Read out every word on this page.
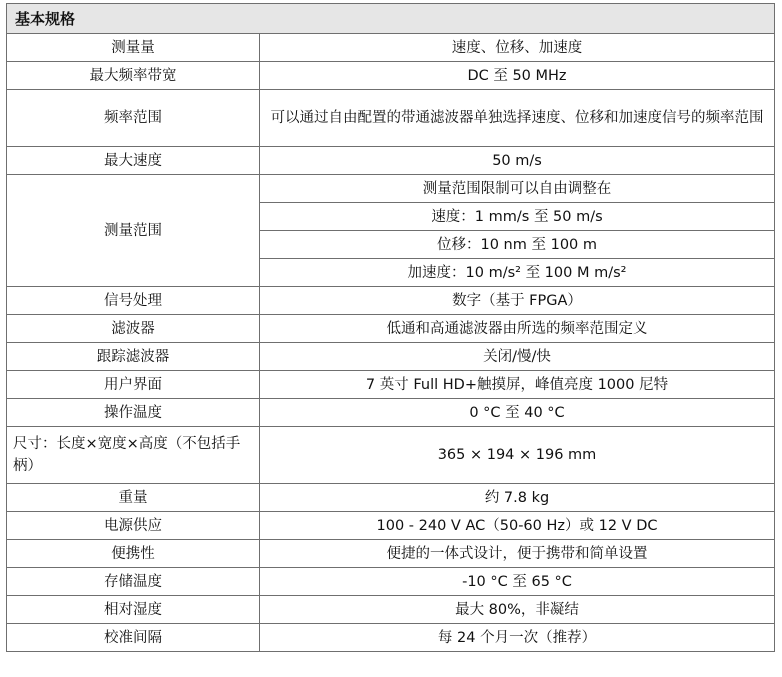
基本规格	
测量量	速度、位移、加速度
最大频率带宽	DC 至 50 MHz
频率范围	可以通过自由配置的带通滤波器单独选择速度、位移和加速度信号的频率范围
最大速度	50 m/s
测量范围	测量范围限制可以自由调整在
	速度：1 mm/s 至 50 m/s
	位移：10 nm 至 100 m
	加速度：10 m/s² 至 100 M m/s²
信号处理	数字（基于 FPGA）
滤波器	低通和高通滤波器由所选的频率范围定义
跟踪滤波器	关闭/慢/快
用户界面	7 英寸 Full HD+触摸屏，峰值亮度 1000 尼特
操作温度	0 °C 至 40 °C
尺寸：长度×宽度×高度（不包括手柄）	365 × 194 × 196 mm
重量	约 7.8 kg
电源供应	100 - 240 V AC（50-60 Hz）或 12 V DC
便携性	便捷的一体式设计，便于携带和简单设置
存储温度	-10 °C 至 65 °C
相对湿度	最大 80%，非凝结
校准间隔	每 24 个月一次（推荐）
